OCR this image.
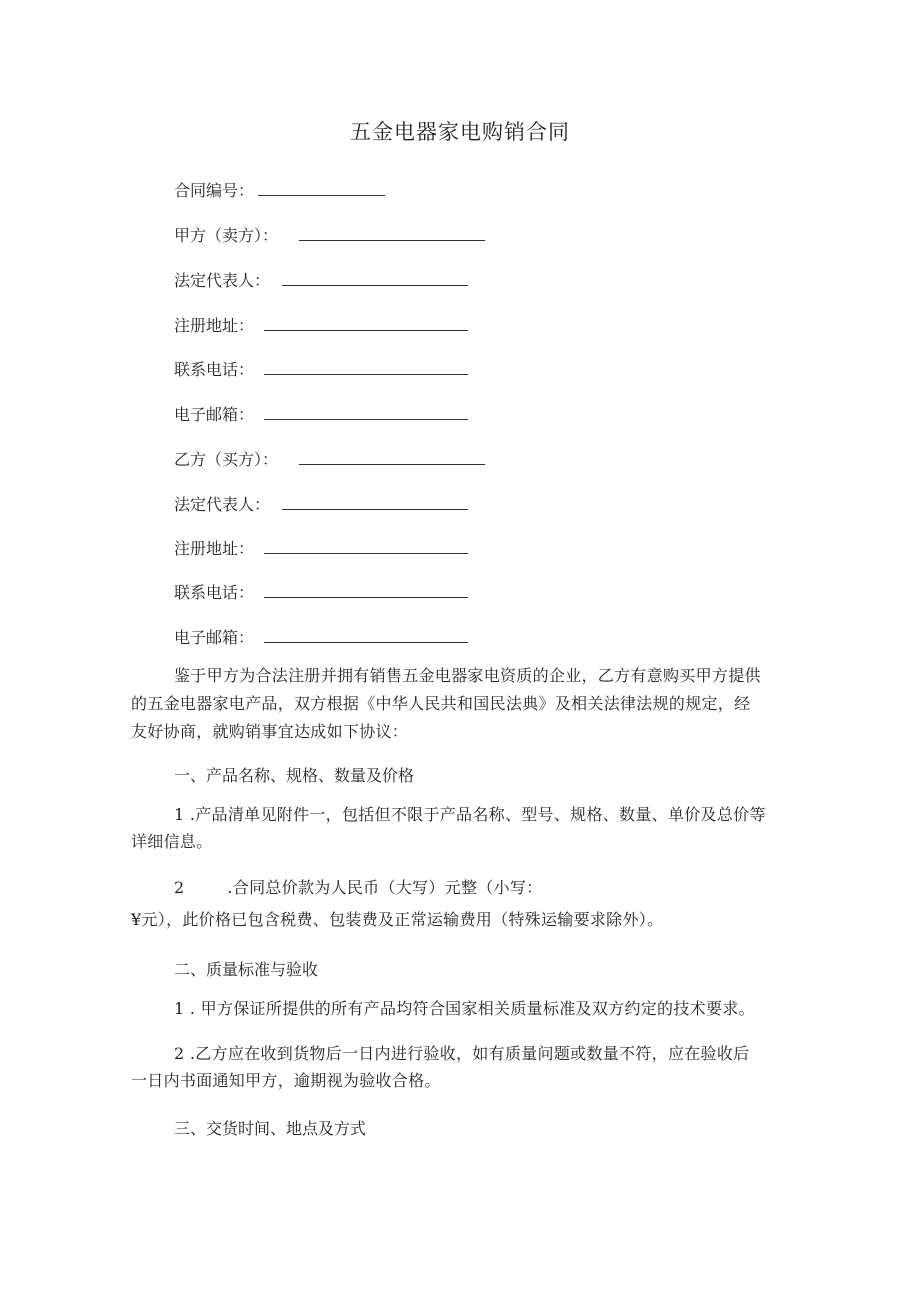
五金电器家电购销合同
合同编号：
甲方（卖方）：
法定代表人：
注册地址：
联系电话：
电子邮箱：
乙方（买方）：
法定代表人：
注册地址：
联系电话：
电子邮箱：

鉴于甲方为合法注册并拥有销售五金电器家电资质的企业，乙方有意购买甲方提供

的五金电器家电产品，双方根据《中华人民共和国民法典》及相关法律法规的规定，经

友好协商，就购销事宜达成如下协议：

一、产品名称、规格、数量及价格

1 .产品清单见附件一，包括但不限于产品名称、型号、规格、数量、单价及总价等

详细信息。

2	.合同总价款为人民币（大写）元整（小写：

¥元），此价格已包含税费、包装费及正常运输费用（特殊运输要求除外）。

二、质量标准与验收

1 . 甲方保证所提供的所有产品均符合国家相关质量标准及双方约定的技术要求。

2 .乙方应在收到货物后一日内进行验收，如有质量问题或数量不符，应在验收后

一日内书面通知甲方，逾期视为验收合格。

三、交货时间、地点及方式
